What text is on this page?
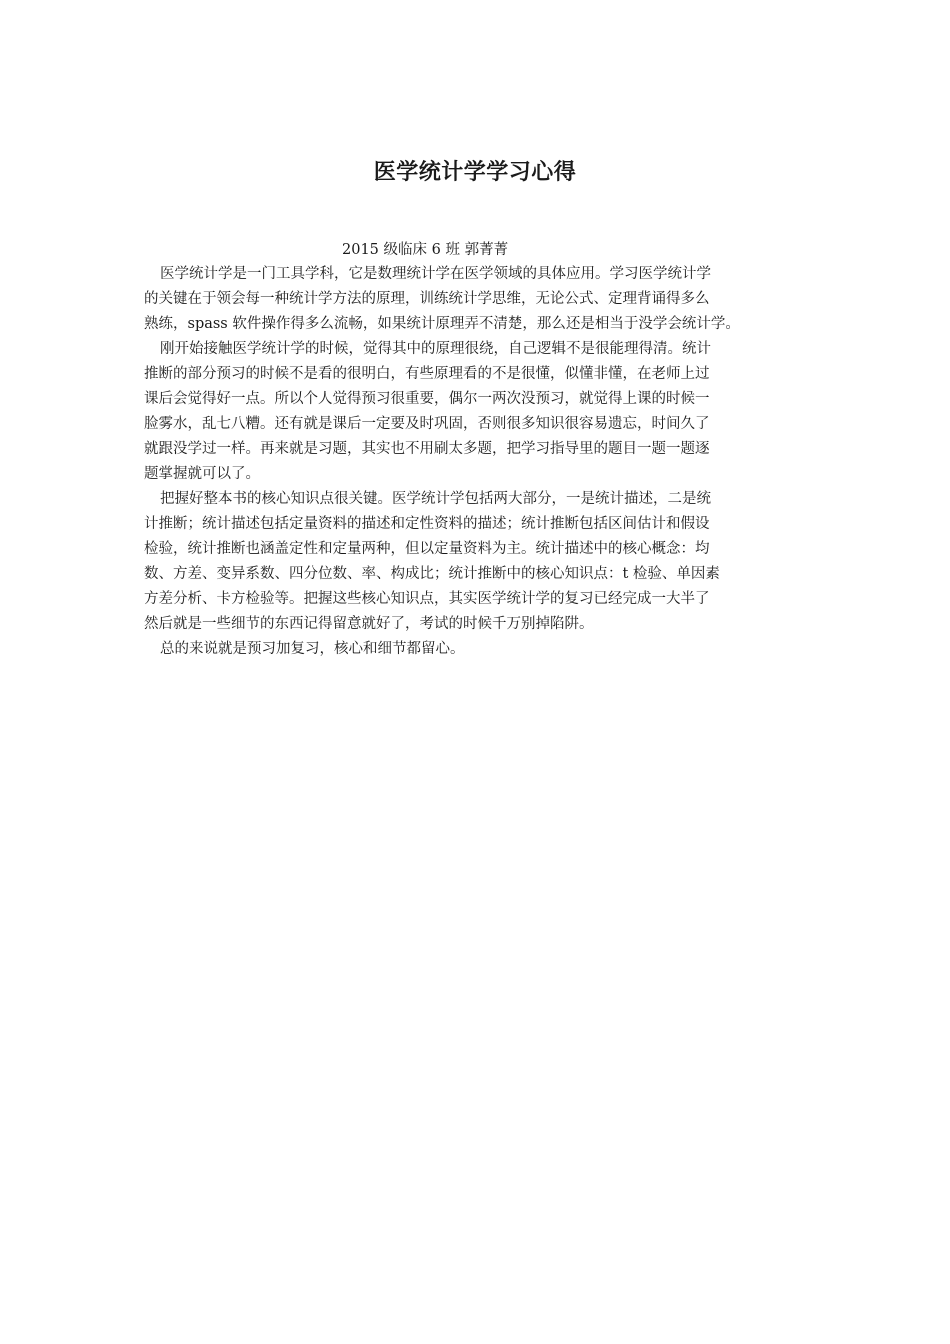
医学统计学学习心得
2015 级临床 6 班 郭菁菁

医学统计学是一门工具学科，它是数理统计学在医学领域的具体应用。学习医学统计学
的关键在于领会每一种统计学方法的原理，训练统计学思维，无论公式、定理背诵得多么
熟练，spass 软件操作得多么流畅，如果统计原理弄不清楚，那么还是相当于没学会统计学。

刚开始接触医学统计学的时候，觉得其中的原理很绕，自己逻辑不是很能理得清。统计
推断的部分预习的时候不是看的很明白，有些原理看的不是很懂，似懂非懂，在老师上过
课后会觉得好一点。所以个人觉得预习很重要，偶尔一两次没预习，就觉得上课的时候一
脸雾水，乱七八糟。还有就是课后一定要及时巩固，否则很多知识很容易遗忘，时间久了
就跟没学过一样。再来就是习题，其实也不用刷太多题，把学习指导里的题目一题一题逐
题掌握就可以了。

把握好整本书的核心知识点很关键。医学统计学包括两大部分，一是统计描述，二是统
计推断；统计描述包括定量资料的描述和定性资料的描述；统计推断包括区间估计和假设
检验，统计推断也涵盖定性和定量两种，但以定量资料为主。统计描述中的核心概念：均
数、方差、变异系数、四分位数、率、构成比；统计推断中的核心知识点：t 检验、单因素
方差分析、卡方检验等。把握这些核心知识点，其实医学统计学的复习已经完成一大半了
然后就是一些细节的东西记得留意就好了，考试的时候千万别掉陷阱。

总的来说就是预习加复习，核心和细节都留心。
